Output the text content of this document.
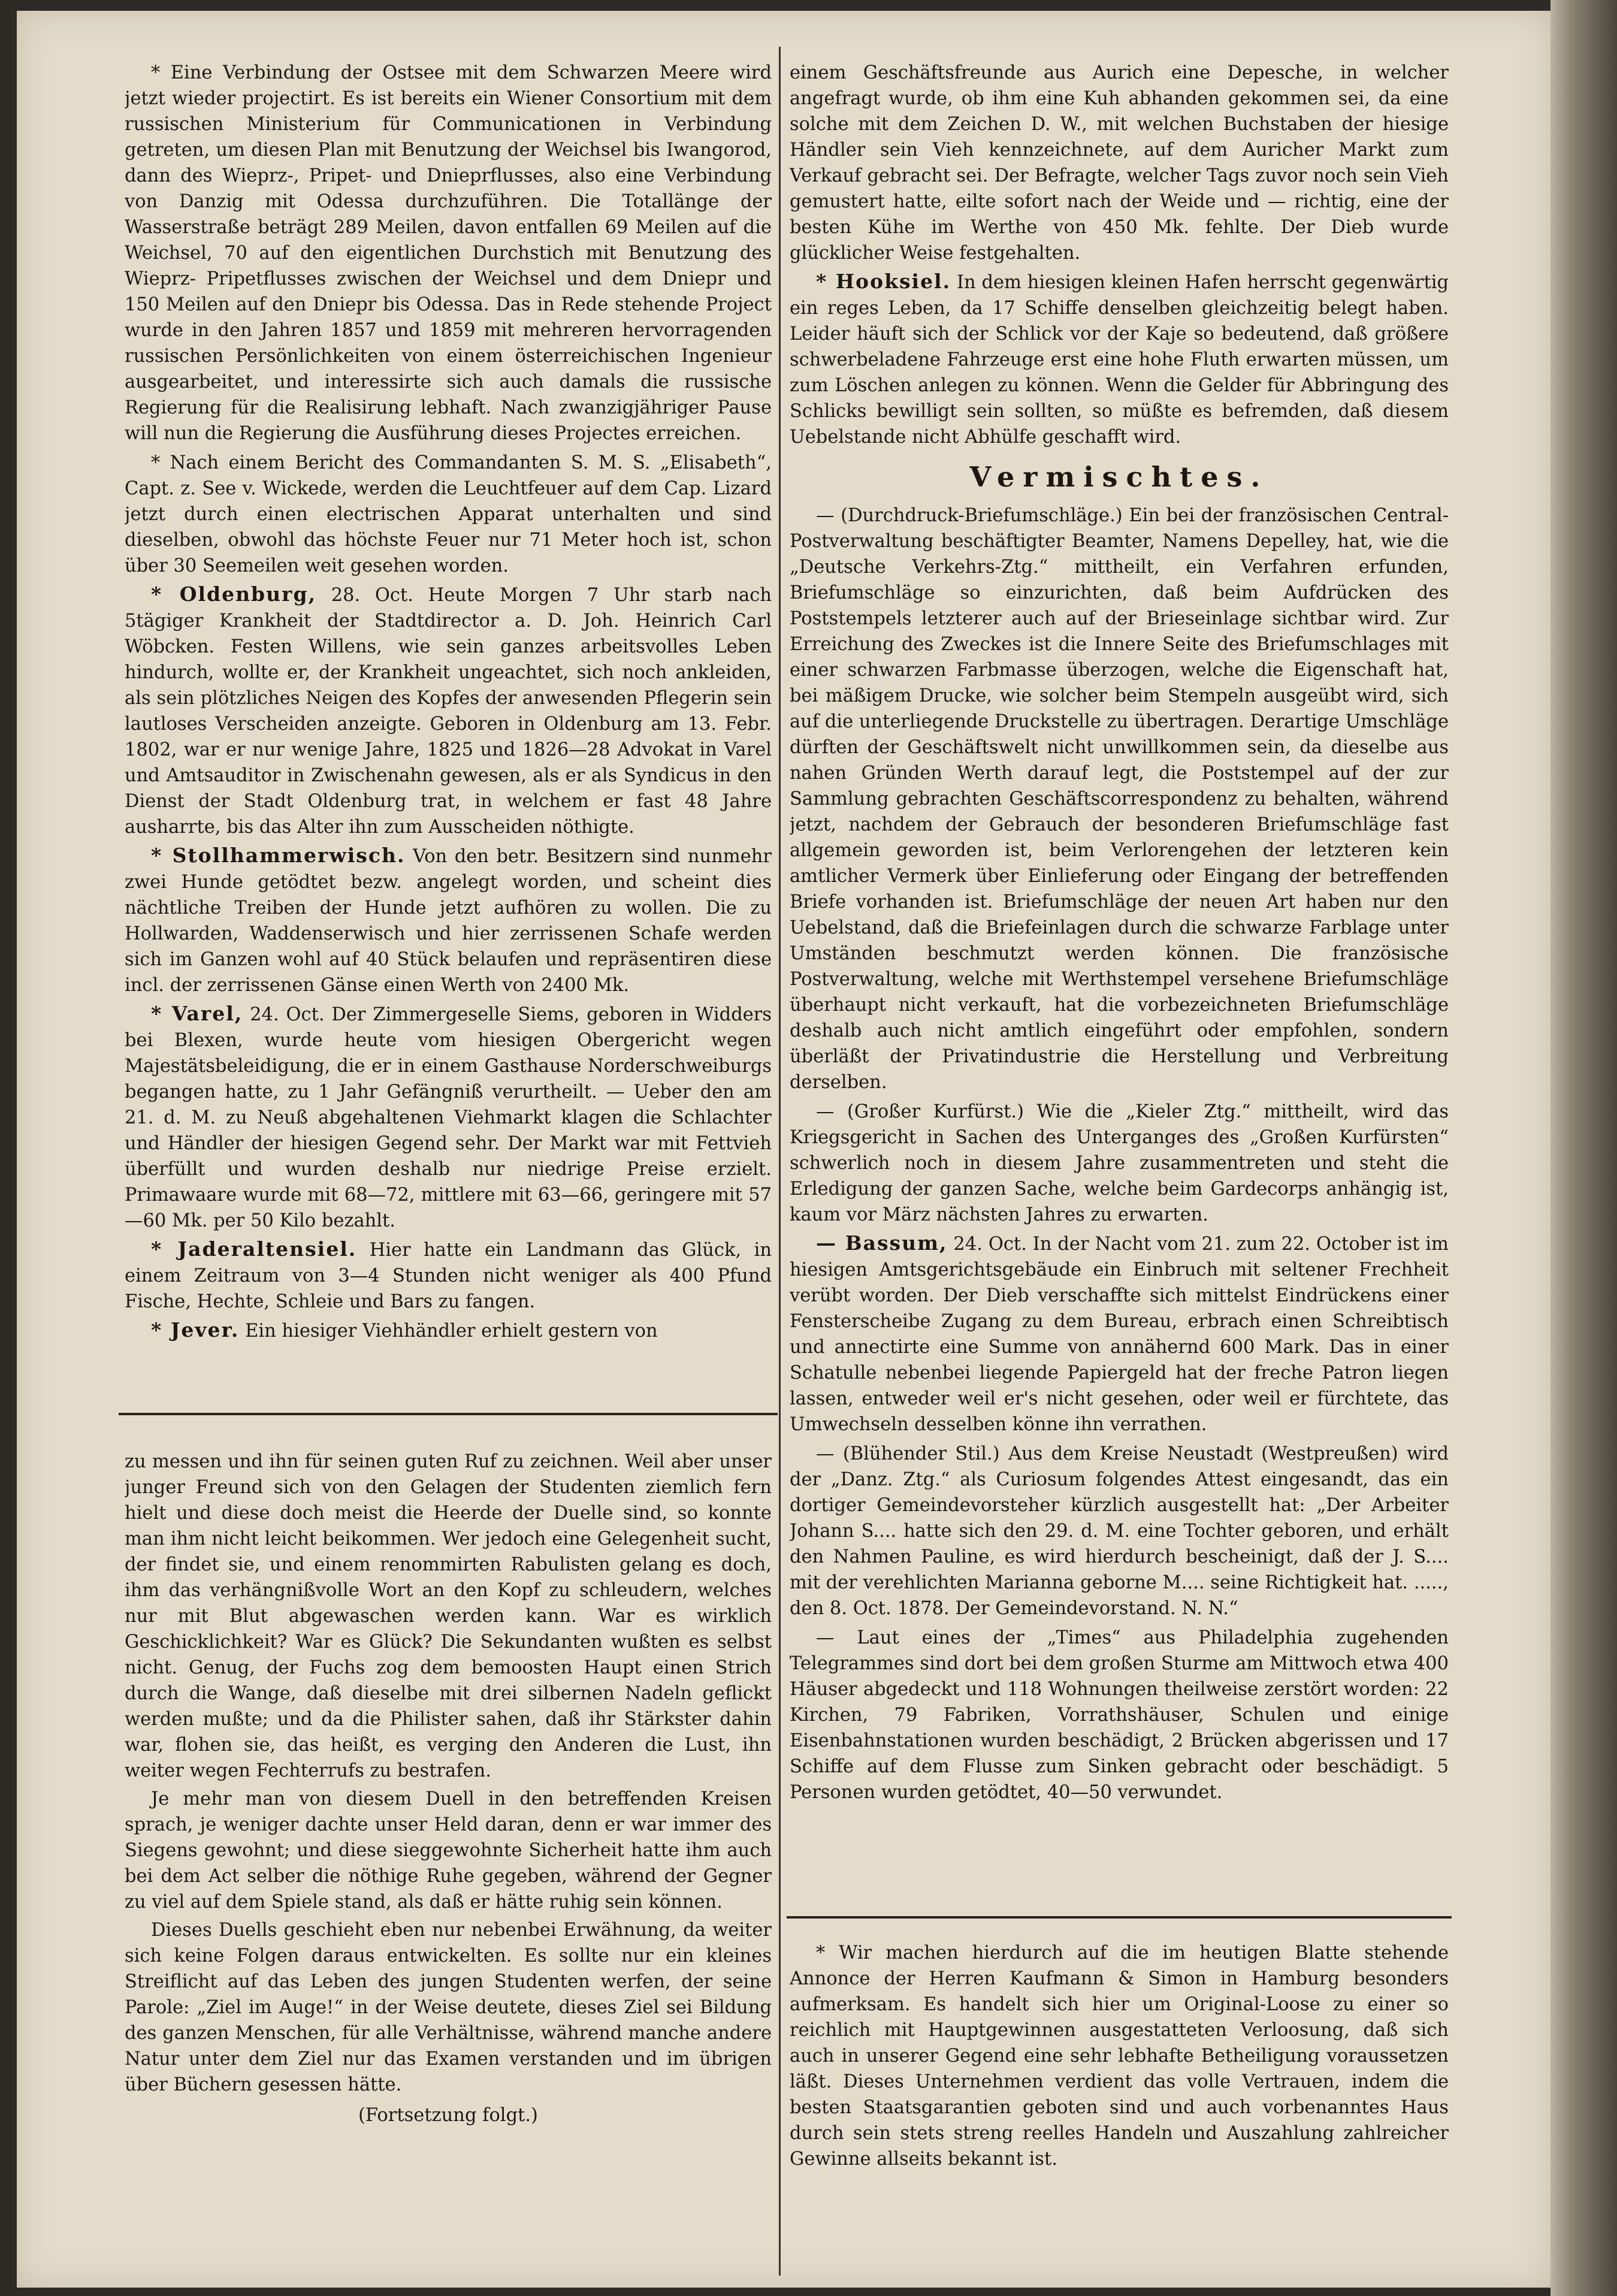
* Eine Verbindung der Ostsee mit dem Schwarzen Meere wird jetzt wieder projectirt. Es ist bereits ein Wiener Consortium mit dem russischen Ministerium für Communicationen in Verbindung getreten, um diesen Plan mit Benutzung der Weichsel bis Iwangorod, dann des Wieprz-, Pripet- und Dnieprflusses, also eine Verbindung von Danzig mit Odessa durchzuführen. Die Totallänge der Wasserstraße beträgt 289 Meilen, davon entfallen 69 Meilen auf die Weichsel, 70 auf den eigentlichen Durchstich mit Benutzung des Wieprz- Pripetflusses zwischen der Weichsel und dem Dniepr und 150 Meilen auf den Dniepr bis Odessa. Das in Rede stehende Project wurde in den Jahren 1857 und 1859 mit mehreren hervorragenden russischen Persönlichkeiten von einem österreichischen Ingenieur ausgearbeitet, und interessirte sich auch damals die russische Regierung für die Realisirung lebhaft. Nach zwanzigjähriger Pause will nun die Regierung die Ausführung dieses Projectes erreichen.

* Nach einem Bericht des Commandanten S. M. S. „Elisabeth“, Capt. z. See v. Wickede, werden die Leuchtfeuer auf dem Cap. Lizard jetzt durch einen electrischen Apparat unterhalten und sind dieselben, obwohl das höchste Feuer nur 71 Meter hoch ist, schon über 30 Seemeilen weit gesehen worden.

* Oldenburg, 28. Oct. Heute Morgen 7 Uhr starb nach 5tägiger Krankheit der Stadtdirector a. D. Joh. Heinrich Carl Wöbcken. Festen Willens, wie sein ganzes arbeitsvolles Leben hindurch, wollte er, der Krankheit ungeachtet, sich noch ankleiden, als sein plötzliches Neigen des Kopfes der anwesenden Pflegerin sein lautloses Verscheiden anzeigte. Geboren in Oldenburg am 13. Febr. 1802, war er nur wenige Jahre, 1825 und 1826—28 Advokat in Varel und Amtsauditor in Zwischenahn gewesen, als er als Syndicus in den Dienst der Stadt Oldenburg trat, in welchem er fast 48 Jahre ausharrte, bis das Alter ihn zum Ausscheiden nöthigte.

* Stollhammerwisch. Von den betr. Besitzern sind nunmehr zwei Hunde getödtet bezw. angelegt worden, und scheint dies nächtliche Treiben der Hunde jetzt aufhören zu wollen. Die zu Hollwarden, Waddenserwisch und hier zerrissenen Schafe werden sich im Ganzen wohl auf 40 Stück belaufen und repräsentiren diese incl. der zerrissenen Gänse einen Werth von 2400 Mk.

* Varel, 24. Oct. Der Zimmergeselle Siems, geboren in Widders bei Blexen, wurde heute vom hiesigen Obergericht wegen Majestätsbeleidigung, die er in einem Gasthause Norderschweiburgs begangen hatte, zu 1 Jahr Gefängniß verurtheilt. — Ueber den am 21. d. M. zu Neuß abgehaltenen Viehmarkt klagen die Schlachter und Händler der hiesigen Gegend sehr. Der Markt war mit Fettvieh überfüllt und wurden deshalb nur niedrige Preise erzielt. Primawaare wurde mit 68—72, mittlere mit 63—66, geringere mit 57—60 Mk. per 50 Kilo bezahlt.

* Jaderaltensiel. Hier hatte ein Landmann das Glück, in einem Zeitraum von 3—4 Stunden nicht weniger als 400 Pfund Fische, Hechte, Schleie und Bars zu fangen.

* Jever. Ein hiesiger Viehhändler erhielt gestern von

zu messen und ihn für seinen guten Ruf zu zeichnen. Weil aber unser junger Freund sich von den Gelagen der Studenten ziemlich fern hielt und diese doch meist die Heerde der Duelle sind, so konnte man ihm nicht leicht beikommen. Wer jedoch eine Gelegenheit sucht, der findet sie, und einem renommirten Rabulisten gelang es doch, ihm das verhängnißvolle Wort an den Kopf zu schleudern, welches nur mit Blut abgewaschen werden kann. War es wirklich Geschicklichkeit? War es Glück? Die Sekundanten wußten es selbst nicht. Genug, der Fuchs zog dem bemoosten Haupt einen Strich durch die Wange, daß dieselbe mit drei silbernen Nadeln geflickt werden mußte; und da die Philister sahen, daß ihr Stärkster dahin war, flohen sie, das heißt, es verging den Anderen die Lust, ihn weiter wegen Fechterrufs zu bestrafen.

Je mehr man von diesem Duell in den betreffenden Kreisen sprach, je weniger dachte unser Held daran, denn er war immer des Siegens gewohnt; und diese sieggewohnte Sicherheit hatte ihm auch bei dem Act selber die nöthige Ruhe gegeben, während der Gegner zu viel auf dem Spiele stand, als daß er hätte ruhig sein können.

Dieses Duells geschieht eben nur nebenbei Erwähnung, da weiter sich keine Folgen daraus entwickelten. Es sollte nur ein kleines Streiflicht auf das Leben des jungen Studenten werfen, der seine Parole: „Ziel im Auge!“ in der Weise deutete, dieses Ziel sei Bildung des ganzen Menschen, für alle Verhältnisse, während manche andere Natur unter dem Ziel nur das Examen verstanden und im übrigen über Büchern gesessen hätte.

(Fortsetzung folgt.)

einem Geschäftsfreunde aus Aurich eine Depesche, in welcher angefragt wurde, ob ihm eine Kuh abhanden gekommen sei, da eine solche mit dem Zeichen D. W., mit welchen Buchstaben der hiesige Händler sein Vieh kennzeichnete, auf dem Auricher Markt zum Verkauf gebracht sei. Der Befragte, welcher Tags zuvor noch sein Vieh gemustert hatte, eilte sofort nach der Weide und — richtig, eine der besten Kühe im Werthe von 450 Mk. fehlte. Der Dieb wurde glücklicher Weise festgehalten.

* Hooksiel. In dem hiesigen kleinen Hafen herrscht gegenwärtig ein reges Leben, da 17 Schiffe denselben gleichzeitig belegt haben. Leider häuft sich der Schlick vor der Kaje so bedeutend, daß größere schwerbeladene Fahrzeuge erst eine hohe Fluth erwarten müssen, um zum Löschen anlegen zu können. Wenn die Gelder für Abbringung des Schlicks bewilligt sein sollten, so müßte es befremden, daß diesem Uebelstande nicht Abhülfe geschafft wird.

Vermischtes.

— (Durchdruck-Briefumschläge.) Ein bei der französischen Central-Postverwaltung beschäftigter Beamter, Namens Depelley, hat, wie die „Deutsche Verkehrs-Ztg.“ mittheilt, ein Verfahren erfunden, Briefumschläge so einzurichten, daß beim Aufdrücken des Poststempels letzterer auch auf der Brieseinlage sichtbar wird. Zur Erreichung des Zweckes ist die Innere Seite des Briefumschlages mit einer schwarzen Farbmasse überzogen, welche die Eigenschaft hat, bei mäßigem Drucke, wie solcher beim Stempeln ausgeübt wird, sich auf die unterliegende Druckstelle zu übertragen. Derartige Umschläge dürften der Geschäftswelt nicht unwillkommen sein, da dieselbe aus nahen Gründen Werth darauf legt, die Poststempel auf der zur Sammlung gebrachten Geschäftscorrespondenz zu behalten, während jetzt, nachdem der Gebrauch der besonderen Briefumschläge fast allgemein geworden ist, beim Verlorengehen der letzteren kein amtlicher Vermerk über Einlieferung oder Eingang der betreffenden Briefe vorhanden ist. Briefumschläge der neuen Art haben nur den Uebelstand, daß die Briefeinlagen durch die schwarze Farblage unter Umständen beschmutzt werden können. Die französische Postverwaltung, welche mit Werthstempel versehene Briefumschläge überhaupt nicht verkauft, hat die vorbezeichneten Briefumschläge deshalb auch nicht amtlich eingeführt oder empfohlen, sondern überläßt der Privatindustrie die Herstellung und Verbreitung derselben.

— (Großer Kurfürst.) Wie die „Kieler Ztg.“ mittheilt, wird das Kriegsgericht in Sachen des Unterganges des „Großen Kurfürsten“ schwerlich noch in diesem Jahre zusammentreten und steht die Erledigung der ganzen Sache, welche beim Gardecorps anhängig ist, kaum vor März nächsten Jahres zu erwarten.

— Bassum, 24. Oct. In der Nacht vom 21. zum 22. October ist im hiesigen Amtsgerichtsgebäude ein Einbruch mit seltener Frechheit verübt worden. Der Dieb verschaffte sich mittelst Eindrückens einer Fensterscheibe Zugang zu dem Bureau, erbrach einen Schreibtisch und annectirte eine Summe von annähernd 600 Mark. Das in einer Schatulle nebenbei liegende Papiergeld hat der freche Patron liegen lassen, entweder weil er's nicht gesehen, oder weil er fürchtete, das Umwechseln desselben könne ihn verrathen.

— (Blühender Stil.) Aus dem Kreise Neustadt (Westpreußen) wird der „Danz. Ztg.“ als Curiosum folgendes Attest eingesandt, das ein dortiger Gemeindevorsteher kürzlich ausgestellt hat: „Der Arbeiter Johann S.... hatte sich den 29. d. M. eine Tochter geboren, und erhält den Nahmen Pauline, es wird hierdurch bescheinigt, daß der J. S.... mit der verehlichten Marianna geborne M.... seine Richtigkeit hat. ....., den 8. Oct. 1878. Der Gemeindevorstand. N. N.“

— Laut eines der „Times“ aus Philadelphia zugehenden Telegrammes sind dort bei dem großen Sturme am Mittwoch etwa 400 Häuser abgedeckt und 118 Wohnungen theilweise zerstört worden: 22 Kirchen, 79 Fabriken, Vorrathshäuser, Schulen und einige Eisenbahnstationen wurden beschädigt, 2 Brücken abgerissen und 17 Schiffe auf dem Flusse zum Sinken gebracht oder beschädigt. 5 Personen wurden getödtet, 40—50 verwundet.

* Wir machen hierdurch auf die im heutigen Blatte stehende Annonce der Herren Kaufmann & Simon in Hamburg besonders aufmerksam. Es handelt sich hier um Original-Loose zu einer so reichlich mit Hauptgewinnen ausgestatteten Verloosung, daß sich auch in unserer Gegend eine sehr lebhafte Betheiligung voraussetzen läßt. Dieses Unternehmen verdient das volle Vertrauen, indem die besten Staatsgarantien geboten sind und auch vorbenanntes Haus durch sein stets streng reelles Handeln und Auszahlung zahlreicher Gewinne allseits bekannt ist.
